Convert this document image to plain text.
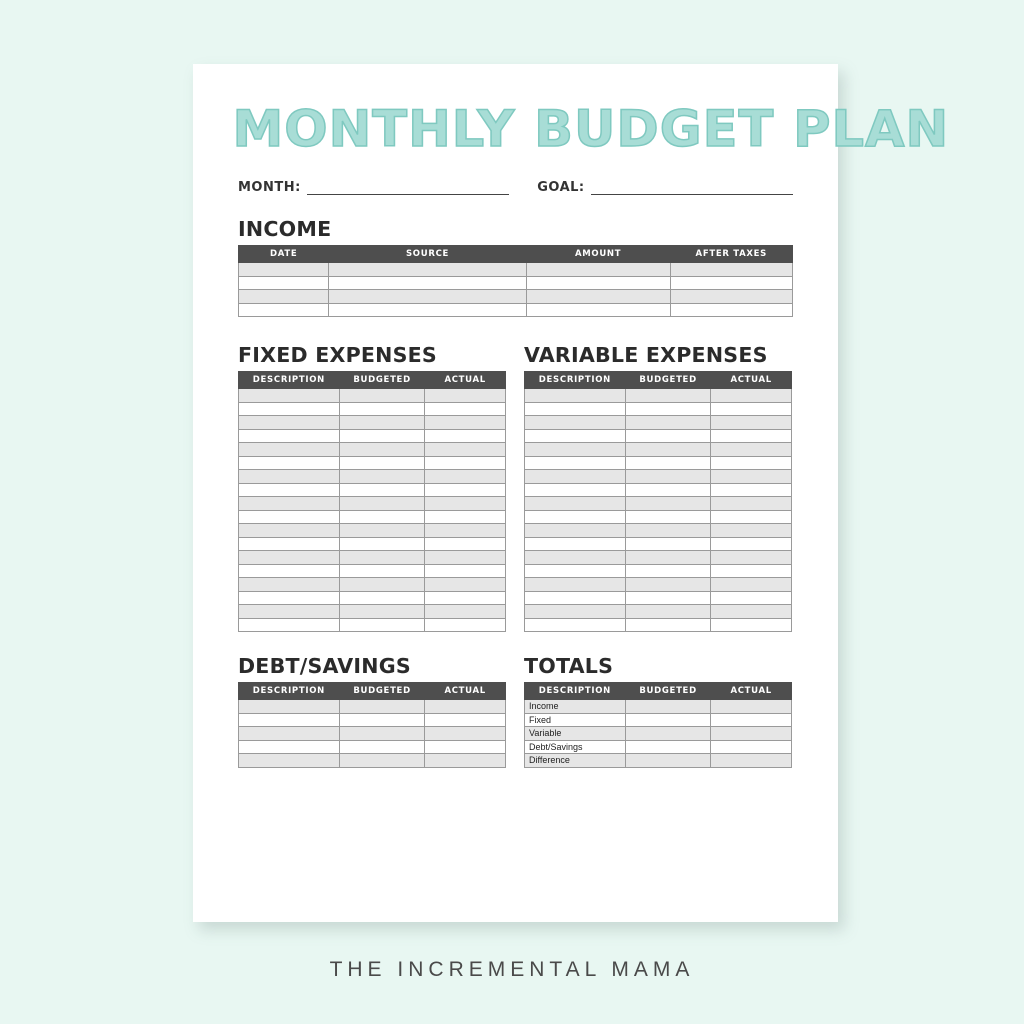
MONTHLY BUDGET PLAN
MONTH:	GOAL:
INCOME
DATE	SOURCE	AMOUNT	AFTER TAXES

FIXED EXPENSES
DESCRIPTION	BUDGETED	ACTUAL

VARIABLE EXPENSES
DESCRIPTION	BUDGETED	ACTUAL

DEBT/SAVINGS
DESCRIPTION	BUDGETED	ACTUAL

TOTALS
DESCRIPTION	BUDGETED	ACTUAL
Income		
Fixed		
Variable		
Debt/Savings		
Difference		
THE INCREMENTAL MAMA
